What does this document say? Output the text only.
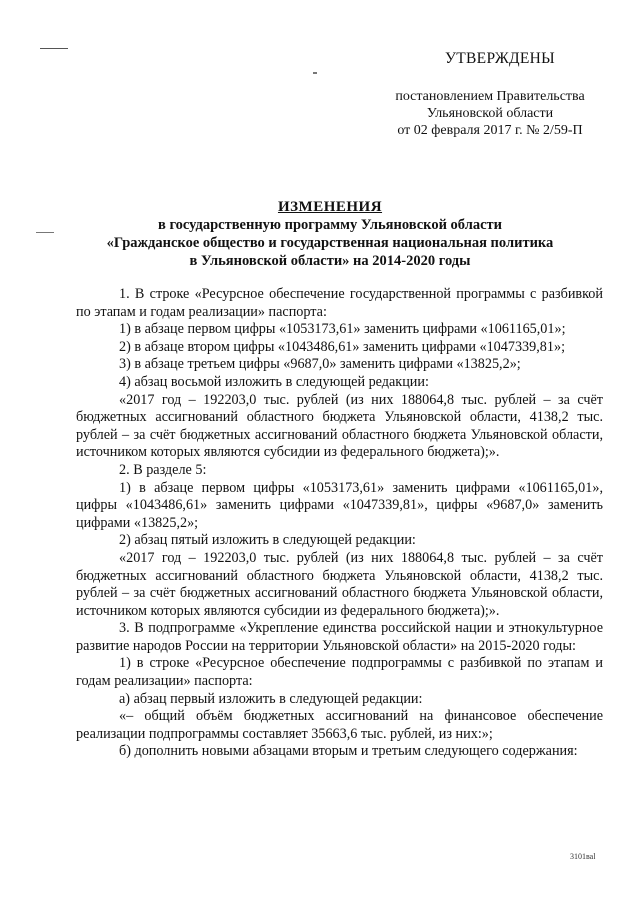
УТВЕРЖДЕНЫ
постановлением Правительства
Ульяновской области
от 02 февраля 2017 г. № 2/59-П
ИЗМЕНЕНИЯ
в государственную программу Ульяновской области
«Гражданское общество и государственная национальная политика
в Ульяновской области» на 2014-2020 годы

1. В строке «Ресурсное обеспечение государственной программы с разбивкой по этапам и годам реализации» паспорта:

1) в абзаце первом цифры «1053173,61» заменить цифрами «1061165,01»;

2) в абзаце втором цифры «1043486,61» заменить цифрами «1047339,81»;

3) в абзаце третьем цифры «9687,0» заменить цифрами «13825,2»;

4) абзац восьмой изложить в следующей редакции:

«2017 год – 192203,0 тыс. рублей (из них 188064,8 тыс. рублей – за счёт бюджетных ассигнований областного бюджета Ульяновской области, 4138,2 тыс. рублей – за счёт бюджетных ассигнований областного бюджета Ульяновской области, источником которых являются субсидии из федерального бюджета);».

2. В разделе 5:

1) в абзаце первом цифры «1053173,61» заменить цифрами «1061165,01», цифры «1043486,61» заменить цифрами «1047339,81», цифры «9687,0» заменить цифрами «13825,2»;

2) абзац пятый изложить в следующей редакции:

«2017 год – 192203,0 тыс. рублей (из них 188064,8 тыс. рублей – за счёт бюджетных ассигнований областного бюджета Ульяновской области, 4138,2 тыс. рублей – за счёт бюджетных ассигнований областного бюджета Ульяновской области, источником которых являются субсидии из федерального бюджета);».

3. В подпрограмме «Укрепление единства российской нации и этнокультурное развитие народов России на территории Ульяновской области» на 2015-2020 годы:

1) в строке «Ресурсное обеспечение подпрограммы с разбивкой по этапам и годам реализации» паспорта:

а) абзац первый изложить в следующей редакции:

«– общий объём бюджетных ассигнований на финансовое обеспечение реализации подпрограммы составляет 35663,6 тыс. рублей, из них:»;

б) дополнить новыми абзацами вторым и третьим следующего содержания:

3101ваl
